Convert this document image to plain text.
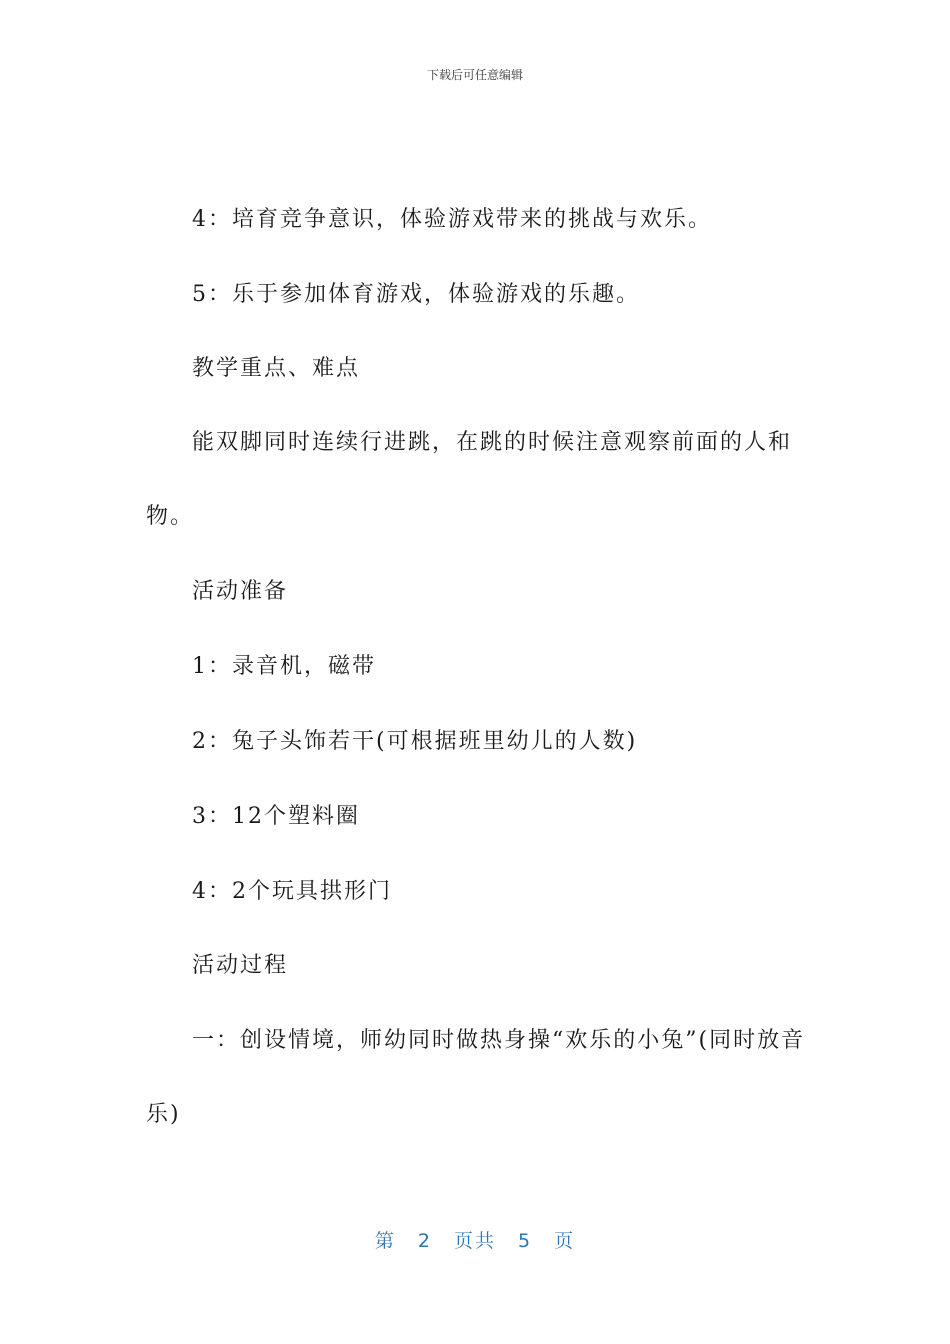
下载后可任意编辑
4：培育竞争意识，体验游戏带来的挑战与欢乐。
5：乐于参加体育游戏，体验游戏的乐趣。
教学重点、难点
能双脚同时连续行进跳，在跳的时候注意观察前面的人和物。
活动准备
1：录音机，磁带
2：兔子头饰若干(可根据班里幼儿的人数)
3：12个塑料圈
4：2个玩具拱形门
活动过程
一：创设情境，师幼同时做热身操“欢乐的小兔”(同时放音乐)
第 2 页共 5 页
